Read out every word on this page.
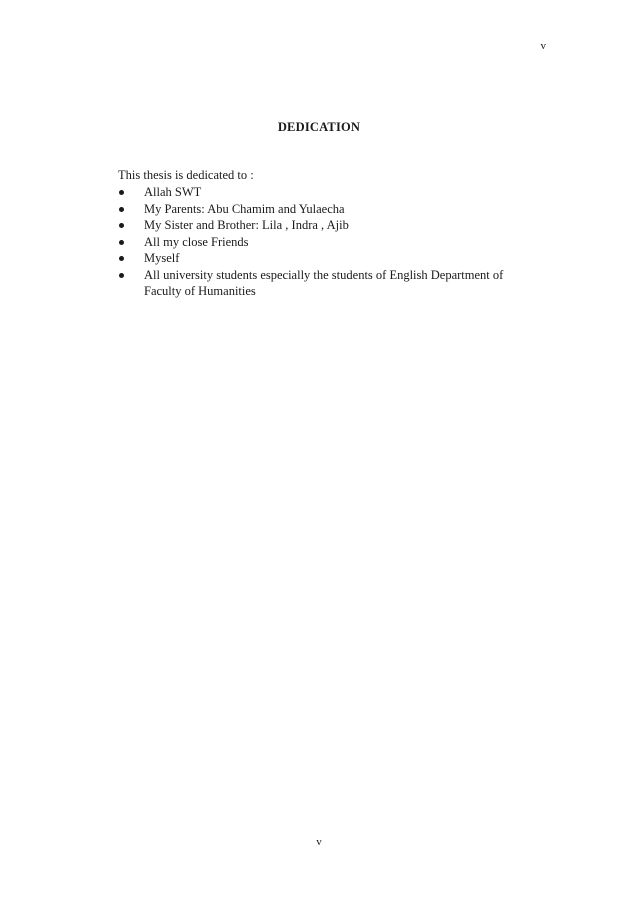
v
DEDICATION
This thesis is dedicated to :
Allah SWT
My Parents: Abu Chamim and Yulaecha
My Sister and Brother: Lila , Indra , Ajib
All my close Friends
Myself
All university students especially the students of English Department of Faculty of Humanities
v
